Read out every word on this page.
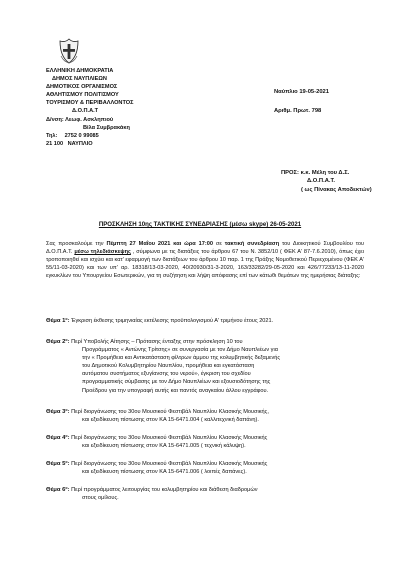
ΕΛΛΗΝΙΚΗ ΔΗΜΟΚΡΑΤΙΑ
ΔΗΜΟΣ ΝΑΥΠΛΙΕΩΝ
ΔΗΜΟΤΙΚΟΣ ΟΡΓΑΝΙΣΜΟΣ
ΑΘΛΗΤΙΣΜΟΥ ΠΟΛΙΤΙΣΜΟΥ
ΤΟΥΡΙΣΜΟΥ & ΠΕΡΙΒΑΛΛΟΝΤΟΣ
Δ.Ο.Π.Α.Τ
Δ/νση: Λεωφ. Ασκληπιού
Βίλα Συμβρακάκη
Τηλ: 2752 0 99085
21 100 ΝΑΥΠΛΙΟ
Ναύπλιο 19-05-2021
Αριθμ. Πρωτ. 798
ΠΡΟΣ: κ.κ. Μέλη του Δ.Σ.
Δ.Ο.Π.Α.Τ.
( ως Πίνακας Αποδεκτών)
ΠΡΟΣΚΛΗΣΗ 10ης ΤΑΚΤΙΚΗΣ ΣΥΝΕΔΡΙΑΣΗΣ (μέσω skype) 26-05-2021
Σας προσκαλούμε την Πέμπτη 27 Μαΐου 2021 και ώρα 17:00 σε τακτική συνεδρίαση του Διοικητικού Συμβουλίου του Δ.Ο.Π.Α.Τ. μέσω τηλεδιάσκεψης , σύμφωνα με τις διατάξεις του άρθρου 67 του Ν. 3852/10 ( ΦΕΚ Α' 87-7.6.2010), όπως έχει τροποποιηθεί και ισχύει και κατ' εφαρμογή των διατάξεων του άρθρου 10 παρ. 1 της Πράξης Νομοθετικού Περιεχομένου (ΦΕΚ Α' 55/11-03-2020) και των υπ' αρ. 18318/13-03-2020, 40/20930/31-3-2020, 163/33282/29-05-2020 και 426/77233/13-11-2020 εγκυκλίων του Υπουργείου Εσωτερικών, για τη συζήτηση και λήψη απόφασης επί των κάτωθι θεμάτων της ημερήσιας διάταξης:
Θέμα $1^o$: Έγκριση έκθεσης τριμηνιαίας εκτέλεσης προϋπολογισμού Α' τριμήνου έτους 2021.
Θέμα $2^o$: Περί Υποβολής Αίτησης – Πρότασης ένταξης στην πρόσκληση 10 του
Προγράμματος « Αντώνης Τρίτσης» σε συνεργασία με τον Δήμο Ναυπλιέων για
την « Προμήθεια και Αντικατάσταση φίλτρων άμμου της κολυμβητικής δεξαμενής
του Δημοτικού Κολυμβητηρίου Ναυπλίου, προμήθεια και εγκατάσταση
αυτόματου συστήματος εξυγίανσης του νερού», έγκριση του σχεδίου
προγραμματικής σύμβασης με τον Δήμο Ναυπλιέων και εξουσιοδότησης της
Προέδρου για την υπογραφή αυτής και παντός αναγκαίου άλλου εγγράφου.
Θέμα $3^o$: Περί διοργάνωσης του 30ου Μουσικού Φεστιβάλ Ναυπλίου Κλασικής Μουσικής,
και εξειδίκευση πίστωσης στον ΚΑ 15-6471.004 ( καλλιτεχνική δαπάνη).
Θέμα $4^o$: Περί διοργάνωσης του 30ου Μουσικού Φεστιβάλ Ναυπλίου Κλασικής Μουσικής
και εξειδίκευση πίστωσης στον ΚΑ 15-6471.005 ( τεχνική κάλυψη).
Θέμα $5^o$: Περί διοργάνωσης του 30ου Μουσικού Φεστιβάλ Ναυπλίου Κλασικής Μουσικής
και εξειδίκευση πίστωσης στον ΚΑ 15-6471.006 ( λοιπές δαπάνες).
Θέμα $6^o$: Περί προγράμματος λειτουργίας του κολυμβητηρίου και διάθεση διαδρομών
στους ομίλους.
